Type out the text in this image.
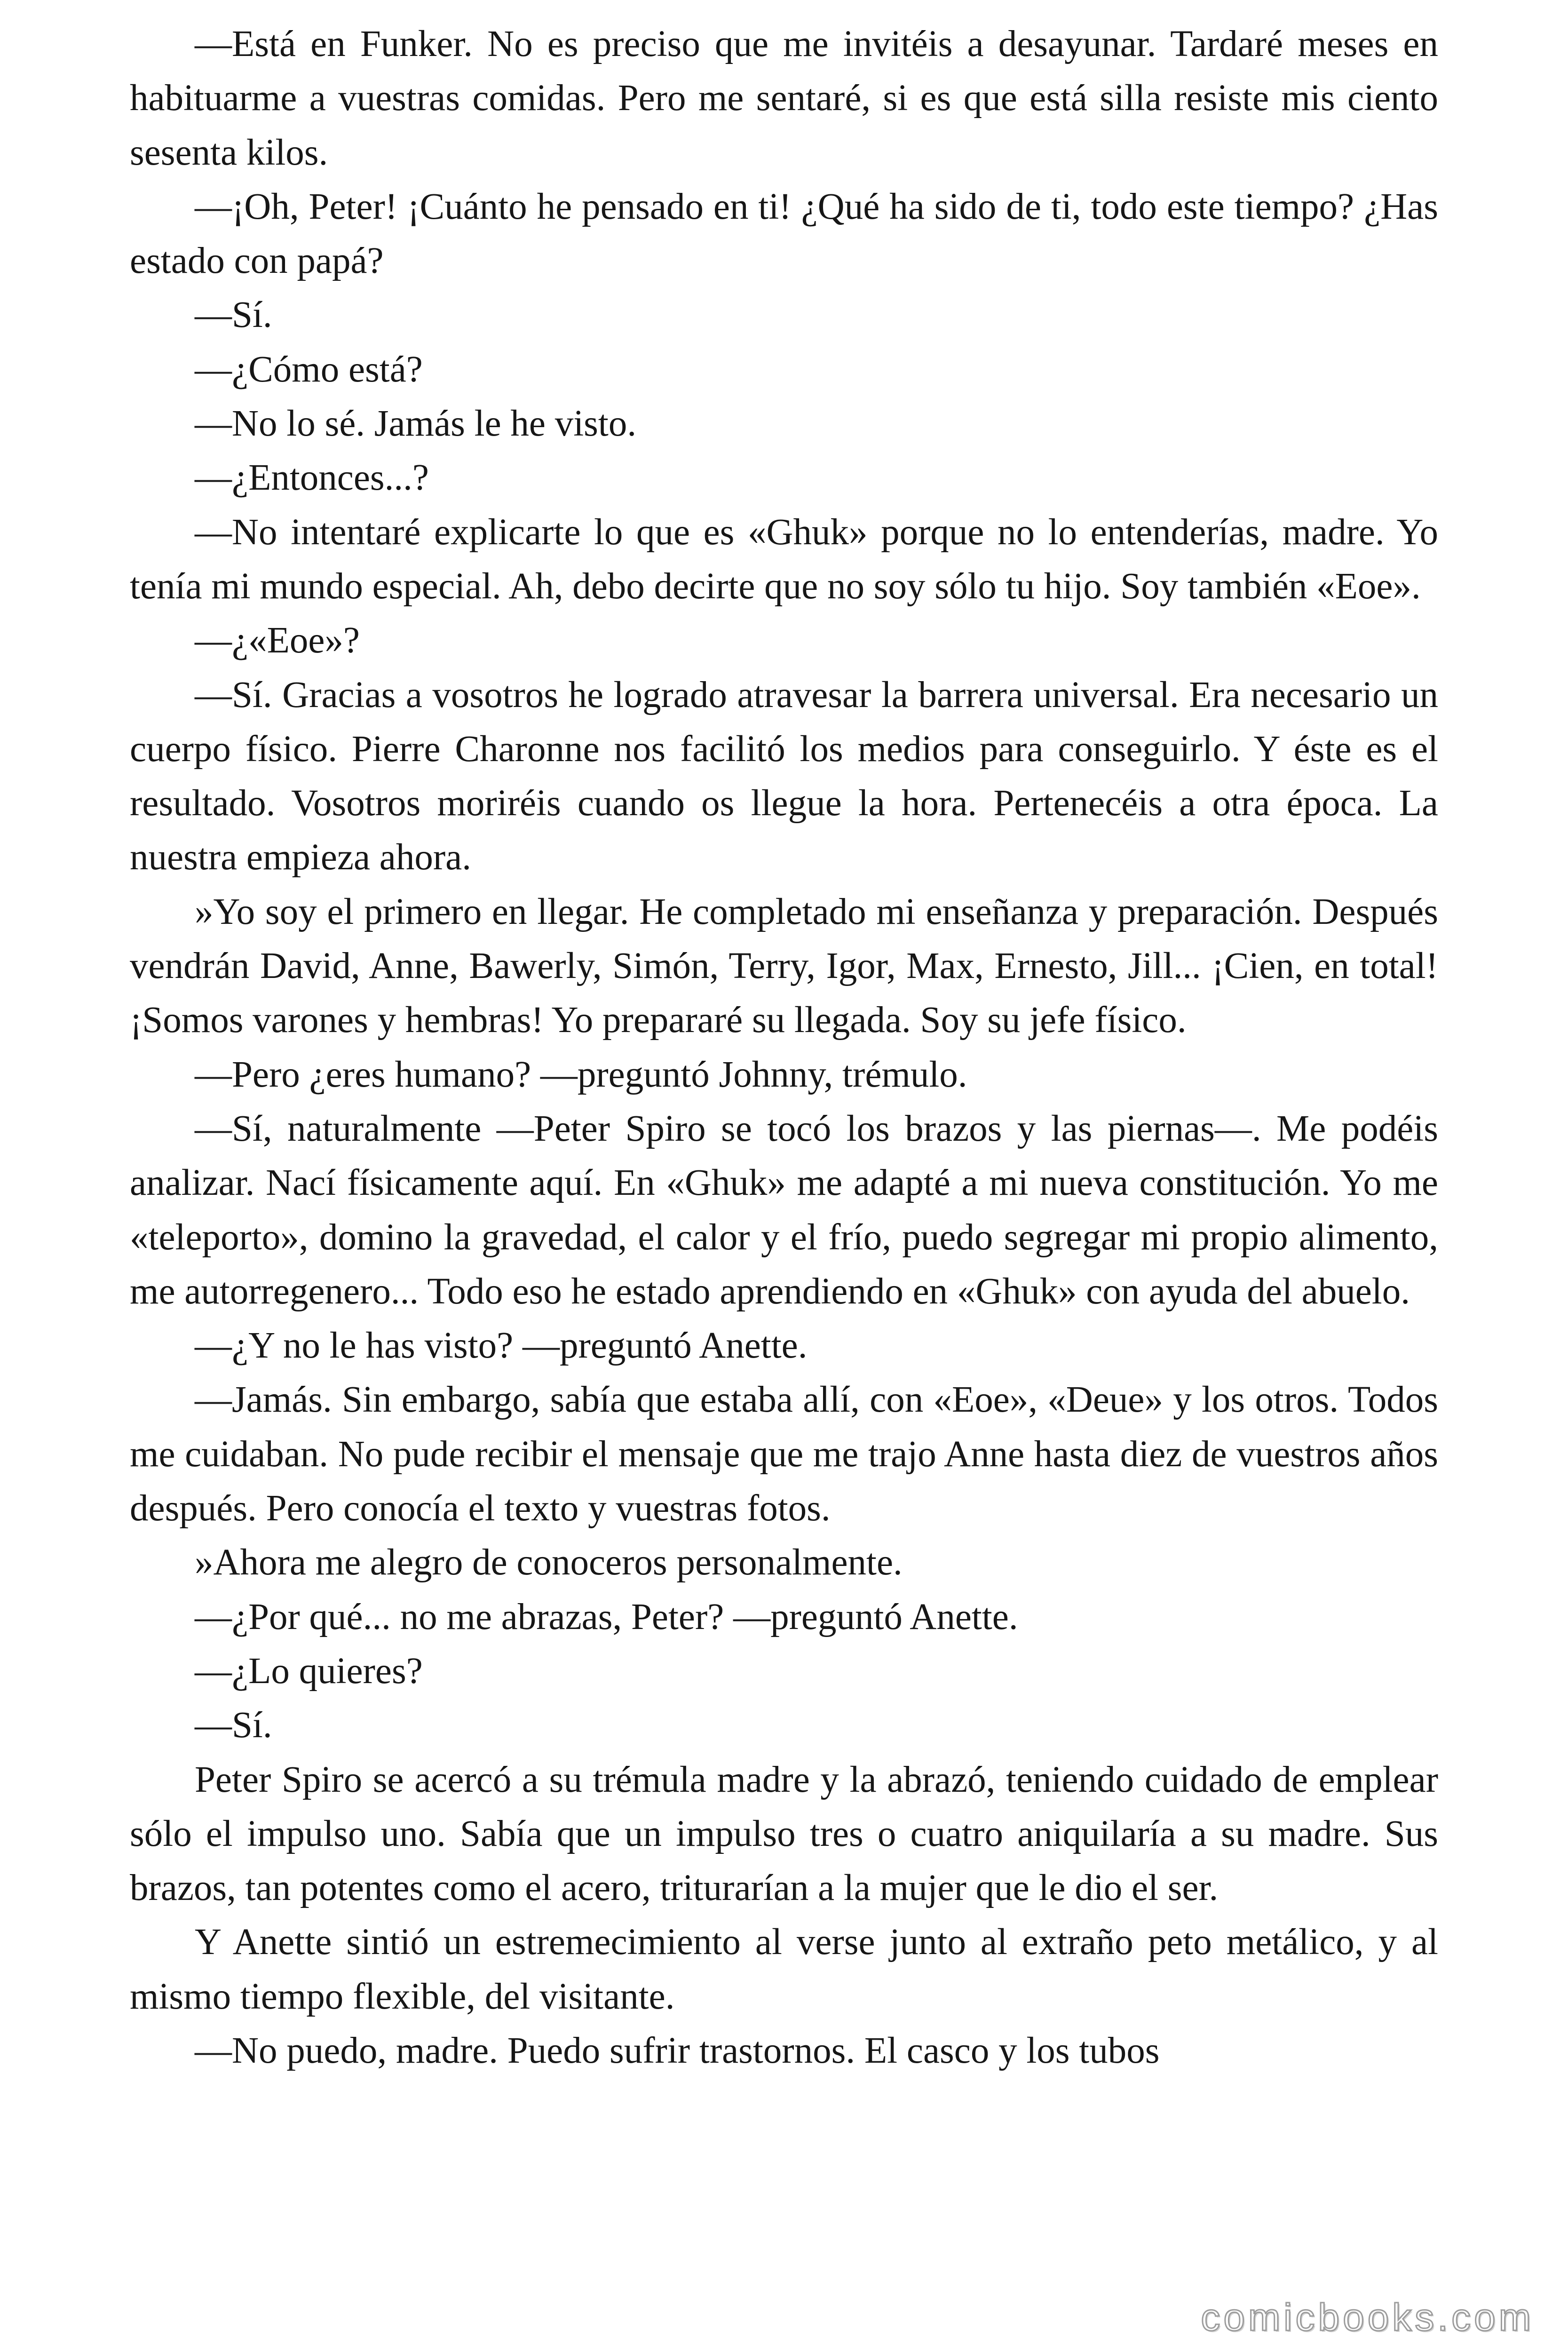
—Está en Funker. No es preciso que me invitéis a desayunar. Tardaré meses en habituarme a vuestras comidas. Pero me sentaré, si es que está silla resiste mis ciento sesenta kilos.

—¡Oh, Peter! ¡Cuánto he pensado en ti! ¿Qué ha sido de ti, todo este tiempo? ¿Has estado con papá?

—Sí.

—¿Cómo está?

—No lo sé. Jamás le he visto.

—¿Entonces...?

—No intentaré explicarte lo que es «Ghuk» porque no lo entenderías, madre. Yo tenía mi mundo especial. Ah, debo decirte que no soy sólo tu hijo. Soy también «Eoe».

—¿«Eoe»?

—Sí. Gracias a vosotros he logrado atravesar la barrera universal. Era necesario un cuerpo físico. Pierre Charonne nos facilitó los medios para conseguirlo. Y éste es el resultado. Vosotros moriréis cuando os llegue la hora. Pertenecéis a otra época. La nuestra empieza ahora.

»Yo soy el primero en llegar. He completado mi enseñanza y preparación. Después vendrán David, Anne, Bawerly, Simón, Terry, Igor, Max, Ernesto, Jill... ¡Cien, en total! ¡Somos varones y hembras! Yo prepararé su llegada. Soy su jefe físico.

—Pero ¿eres humano? —preguntó Johnny, trémulo.

—Sí, naturalmente —Peter Spiro se tocó los brazos y las piernas—. Me podéis analizar. Nací físicamente aquí. En «Ghuk» me adapté a mi nueva constitución. Yo me «teleporto», domino la gravedad, el calor y el frío, puedo segregar mi propio alimento, me autorregenero... Todo eso he estado aprendiendo en «Ghuk» con ayuda del abuelo.

—¿Y no le has visto? —preguntó Anette.

—Jamás. Sin embargo, sabía que estaba allí, con «Eoe», «Deue» y los otros. Todos me cuidaban. No pude recibir el mensaje que me trajo Anne hasta diez de vuestros años después. Pero conocía el texto y vuestras fotos.

»Ahora me alegro de conoceros personalmente.

—¿Por qué... no me abrazas, Peter? —preguntó Anette.

—¿Lo quieres?

—Sí.

Peter Spiro se acercó a su trémula madre y la abrazó, teniendo cuidado de emplear sólo el impulso uno. Sabía que un impulso tres o cuatro aniquilaría a su madre. Sus brazos, tan potentes como el acero, triturarían a la mujer que le dio el ser.

Y Anette sintió un estremecimiento al verse junto al extraño peto metálico, y al mismo tiempo flexible, del visitante.

—No puedo, madre. Puedo sufrir trastornos. El casco y los tubos

comicbooks.com
